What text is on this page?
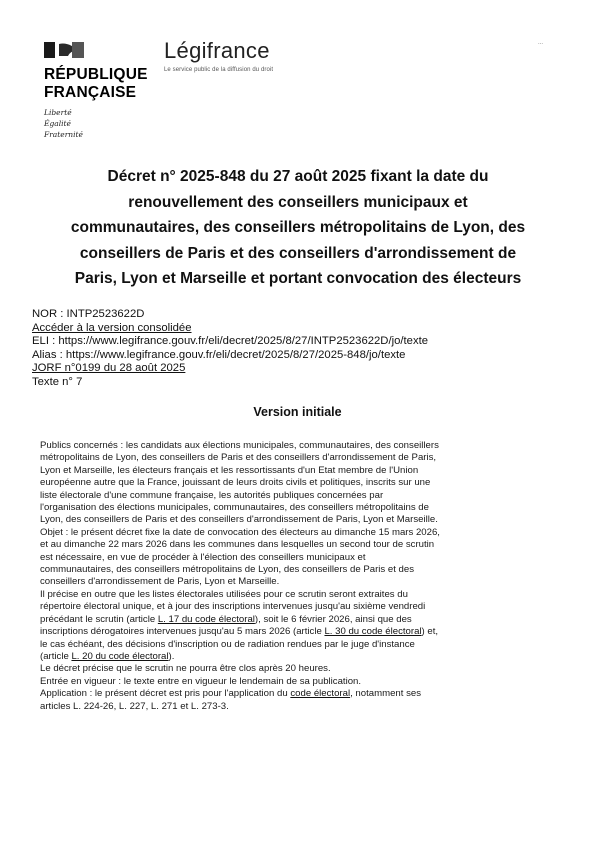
RÉPUBLIQUE
FRANÇAISE
Liberté
Égalité
Fraternité
Légifrance
Le service public de la diffusion du droit
...
Décret n° 2025-848 du 27 août 2025 fixant la date du
renouvellement des conseillers municipaux et
communautaires, des conseillers métropolitains de Lyon, des
conseillers de Paris et des conseillers d'arrondissement de
Paris, Lyon et Marseille et portant convocation des électeurs
NOR : INTP2523622D
Accéder à la version consolidée
ELI : https://www.legifrance.gouv.fr/eli/decret/2025/8/27/INTP2523622D/jo/texte
Alias : https://www.legifrance.gouv.fr/eli/decret/2025/8/27/2025-848/jo/texte
JORF n°0199 du 28 août 2025
Texte n° 7
Version initiale
Publics concernés : les candidats aux élections municipales, communautaires, des conseillers
métropolitains de Lyon, des conseillers de Paris et des conseillers d'arrondissement de Paris,
Lyon et Marseille, les électeurs français et les ressortissants d'un Etat membre de l'Union
européenne autre que la France, jouissant de leurs droits civils et politiques, inscrits sur une
liste électorale d'une commune française, les autorités publiques concernées par
l'organisation des élections municipales, communautaires, des conseillers métropolitains de
Lyon, des conseillers de Paris et des conseillers d'arrondissement de Paris, Lyon et Marseille.
Objet : le présent décret fixe la date de convocation des électeurs au dimanche 15 mars 2026,
et au dimanche 22 mars 2026 dans les communes dans lesquelles un second tour de scrutin
est nécessaire, en vue de procéder à l'élection des conseillers municipaux et
communautaires, des conseillers métropolitains de Lyon, des conseillers de Paris et des
conseillers d'arrondissement de Paris, Lyon et Marseille.
Il précise en outre que les listes électorales utilisées pour ce scrutin seront extraites du
répertoire électoral unique, et à jour des inscriptions intervenues jusqu'au sixième vendredi
précédant le scrutin (article L. 17 du code électoral), soit le 6 février 2026, ainsi que des
inscriptions dérogatoires intervenues jusqu'au 5 mars 2026 (article L. 30 du code électoral) et,
le cas échéant, des décisions d'inscription ou de radiation rendues par le juge d'instance
(article L. 20 du code électoral).
Le décret précise que le scrutin ne pourra être clos après 20 heures.
Entrée en vigueur : le texte entre en vigueur le lendemain de sa publication.
Application : le présent décret est pris pour l'application du code électoral, notamment ses
articles L. 224-26, L. 227, L. 271 et L. 273-3.
